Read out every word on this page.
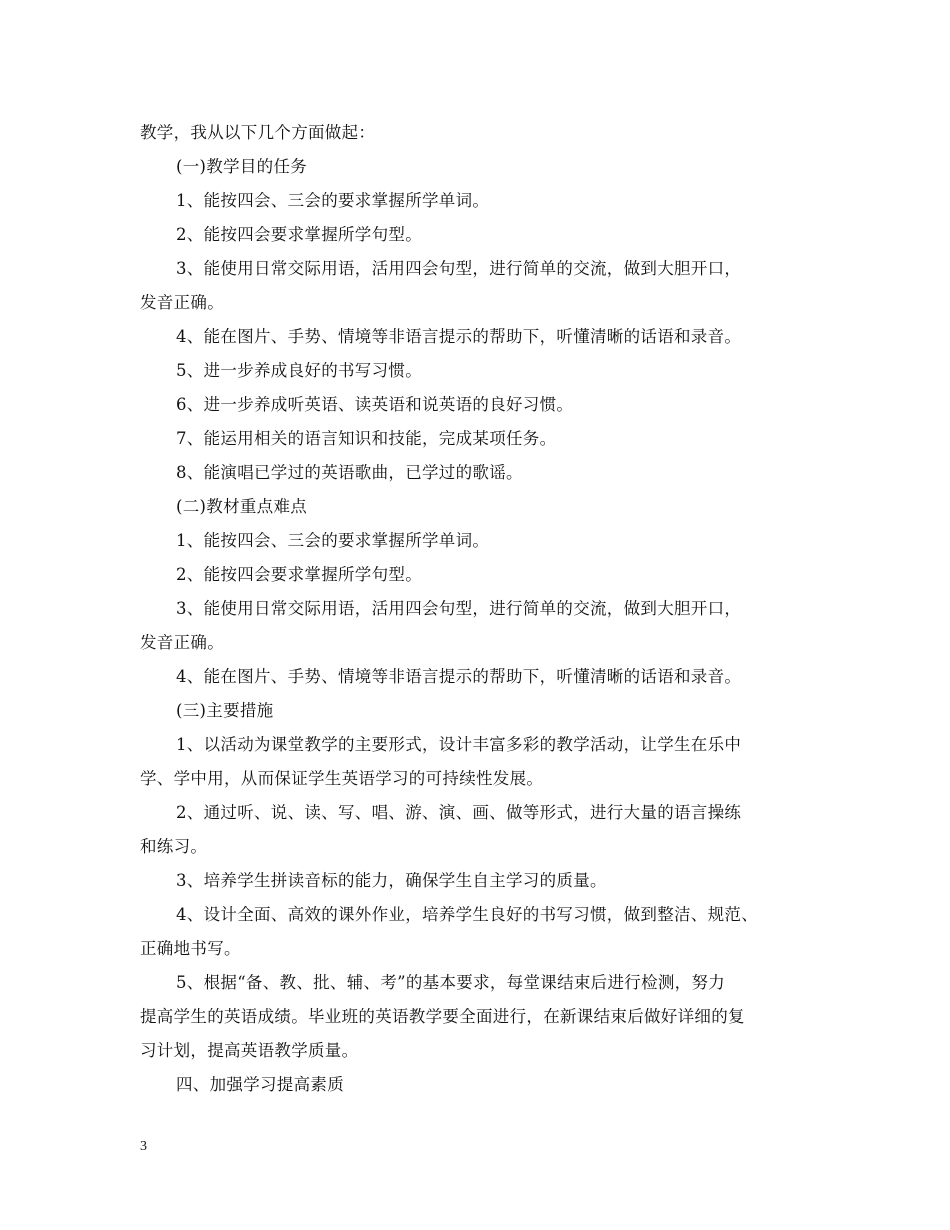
教学，我从以下几个方面做起：
(一)教学目的任务
1、能按四会、三会的要求掌握所学单词。
2、能按四会要求掌握所学句型。
3、能使用日常交际用语，活用四会句型，进行简单的交流，做到大胆开口，
发音正确。
4、能在图片、手势、情境等非语言提示的帮助下，听懂清晰的话语和录音。
5、进一步养成良好的书写习惯。
6、进一步养成听英语、读英语和说英语的良好习惯。
7、能运用相关的语言知识和技能，完成某项任务。
8、能演唱已学过的英语歌曲，已学过的歌谣。
(二)教材重点难点
1、能按四会、三会的要求掌握所学单词。
2、能按四会要求掌握所学句型。
3、能使用日常交际用语，活用四会句型，进行简单的交流，做到大胆开口，
发音正确。
4、能在图片、手势、情境等非语言提示的帮助下，听懂清晰的话语和录音。
(三)主要措施
1、以活动为课堂教学的主要形式，设计丰富多彩的教学活动，让学生在乐中
学、学中用，从而保证学生英语学习的可持续性发展。
2、通过听、说、读、写、唱、游、演、画、做等形式，进行大量的语言操练
和练习。
3、培养学生拼读音标的能力，确保学生自主学习的质量。
4、设计全面、高效的课外作业，培养学生良好的书写习惯，做到整洁、规范、
正确地书写。
5、根据“备、教、批、辅、考”的基本要求，每堂课结束后进行检测，努力
提高学生的英语成绩。毕业班的英语教学要全面进行，在新课结束后做好详细的复
习计划，提高英语教学质量。
四、加强学习提高素质
3
